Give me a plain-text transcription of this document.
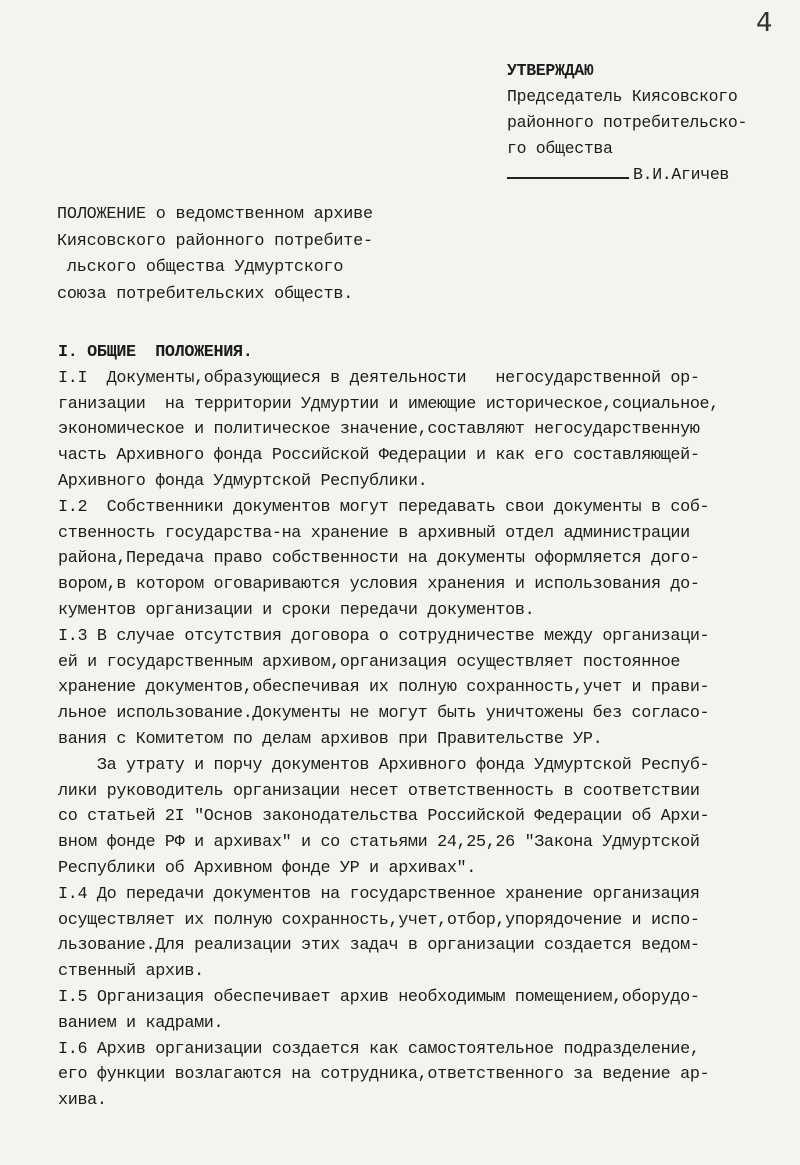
4
УТВЕРЖДАЮ
Председатель Киясовского
районного потребительско-
го общества
В.И.Агичев
ПОЛОЖЕНИЕ о ведомственном архиве
Киясовского районного потребите-
льского общества Удмуртского
союза потребительских обществ.
I. ОБЩИЕ  ПОЛОЖЕНИЯ.
I.I  Документы,образующиеся в деятельности   негосударственной ор-
ганизации  на территории Удмуртии и имеющие историческое,социальное,
экономическое и политическое значение,составляют негосударственную
часть Архивного фонда Российской Федерации и как его составляющей-
Архивного фонда Удмуртской Республики.
I.2  Собственники документов могут передавать свои документы в соб-
ственность государства-на хранение в архивный отдел администрации
района,Передача право собственности на документы оформляется дого-
вором,в котором оговариваются условия хранения и использования до-
кументов организации и сроки передачи документов.
I.3 В случае отсутствия договора о сотрудничестве между организаци-
ей и государственным архивом,организация осуществляет постоянное
хранение документов,обеспечивая их полную сохранность,учет и прави-
льное использование.Документы не могут быть уничтожены без согласо-
вания с Комитетом по делам архивов при Правительстве УР.
За утрату и порчу документов Архивного фонда Удмуртской Респуб-
лики руководитель организации несет ответственность в соответствии
со статьей 2I "Основ законодательства Российской Федерации об Архи-
вном фонде РФ и архивах" и со статьями 24,25,26 "Закона Удмуртской
Республики об Архивном фонде УР и архивах".
I.4 До передачи документов на государственное хранение организация
осуществляет их полную сохранность,учет,отбор,упорядочение и испо-
льзование.Для реализации этих задач в организации создается ведом-
ственный архив.
I.5 Организация обеспечивает архив необходимым помещением,оборудо-
ванием и кадрами.
I.6 Архив организации создается как самостоятельное подразделение,
его функции возлагаются на сотрудника,ответственного за ведение ар-
хива.
